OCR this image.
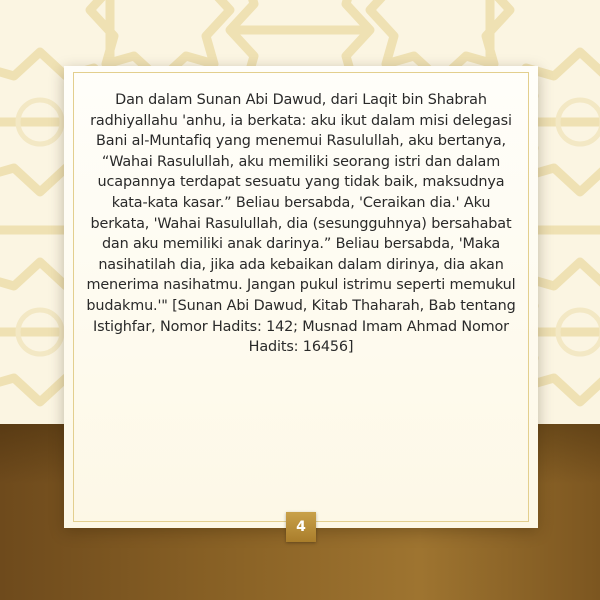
Dan dalam Sunan Abi Dawud, dari Laqit bin Shabrah radhiyallahu 'anhu, ia berkata: aku ikut dalam misi delegasi Bani al-Muntafiq yang menemui Rasulullah, aku bertanya, “Wahai Rasulullah, aku memiliki seorang istri dan dalam ucapannya terdapat sesuatu yang tidak baik, maksudnya kata-kata kasar.” Beliau bersabda, 'Ceraikan dia.' Aku berkata, 'Wahai Rasulullah, dia (sesungguhnya) bersahabat dan aku memiliki anak darinya.” Beliau bersabda, 'Maka nasihatilah dia, jika ada kebaikan dalam dirinya, dia akan menerima nasihatmu. Jangan pukul istrimu seperti memukul budakmu.'" [Sunan Abi Dawud, Kitab Thaharah, Bab tentang Istighfar, Nomor Hadits: 142; Musnad Imam Ahmad Nomor Hadits: 16456]

4
